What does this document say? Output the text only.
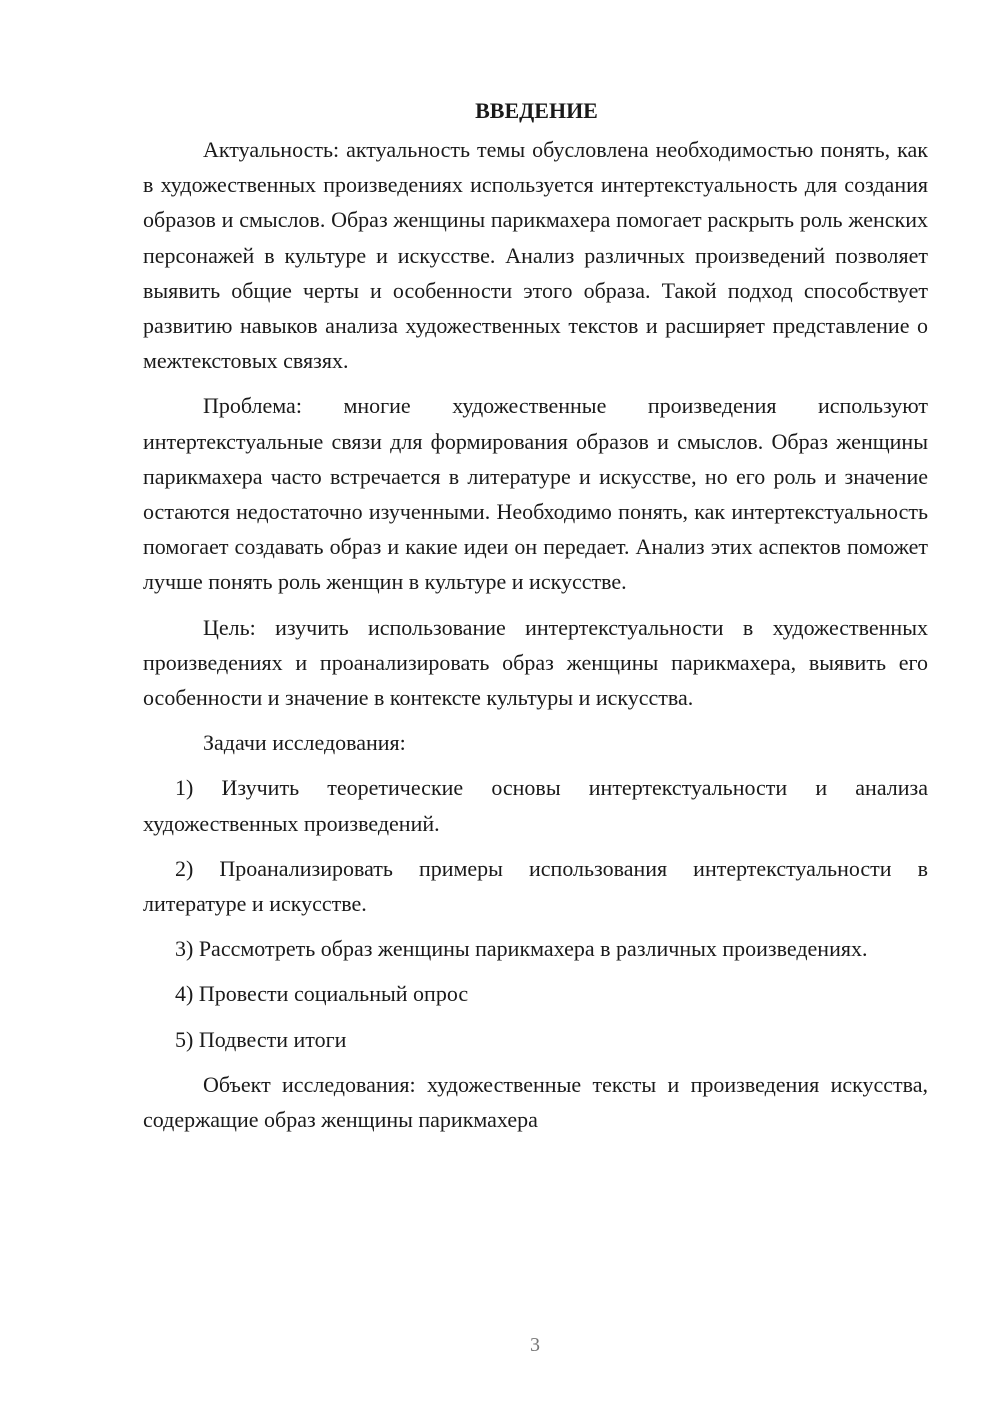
ВВЕДЕНИЕ

Актуальность: актуальность темы обусловлена необходимостью понять, как в художественных произведениях используется интертекстуальность для создания образов и смыслов. Образ женщины парикмахера помогает раскрыть роль женских персонажей в культуре и искусстве. Анализ различных произведений позволяет выявить общие черты и особенности этого образа. Такой подход способствует развитию навыков анализа художественных текстов и расширяет представление о межтекстовых связях.

Проблема: многие художественные произведения используют интертекстуальные связи для формирования образов и смыслов. Образ женщины парикмахера часто встречается в литературе и искусстве, но его роль и значение остаются недостаточно изученными. Необходимо понять, как интертекстуальность помогает создавать образ и какие идеи он передает. Анализ этих аспектов поможет лучше понять роль женщин в культуре и искусстве.

Цель: изучить использование интертекстуальности в художественных произведениях и проанализировать образ женщины парикмахера, выявить его особенности и значение в контексте культуры и искусства.

Задачи исследования:

1) Изучить теоретические основы интертекстуальности и анализа художественных произведений.

2) Проанализировать примеры использования интертекстуальности в литературе и искусстве.

3) Рассмотреть образ женщины парикмахера в различных произведениях.

4) Провести социальный опрос

5) Подвести итоги

Объект исследования: художественные тексты и произведения искусства, содержащие образ женщины парикмахера

3
